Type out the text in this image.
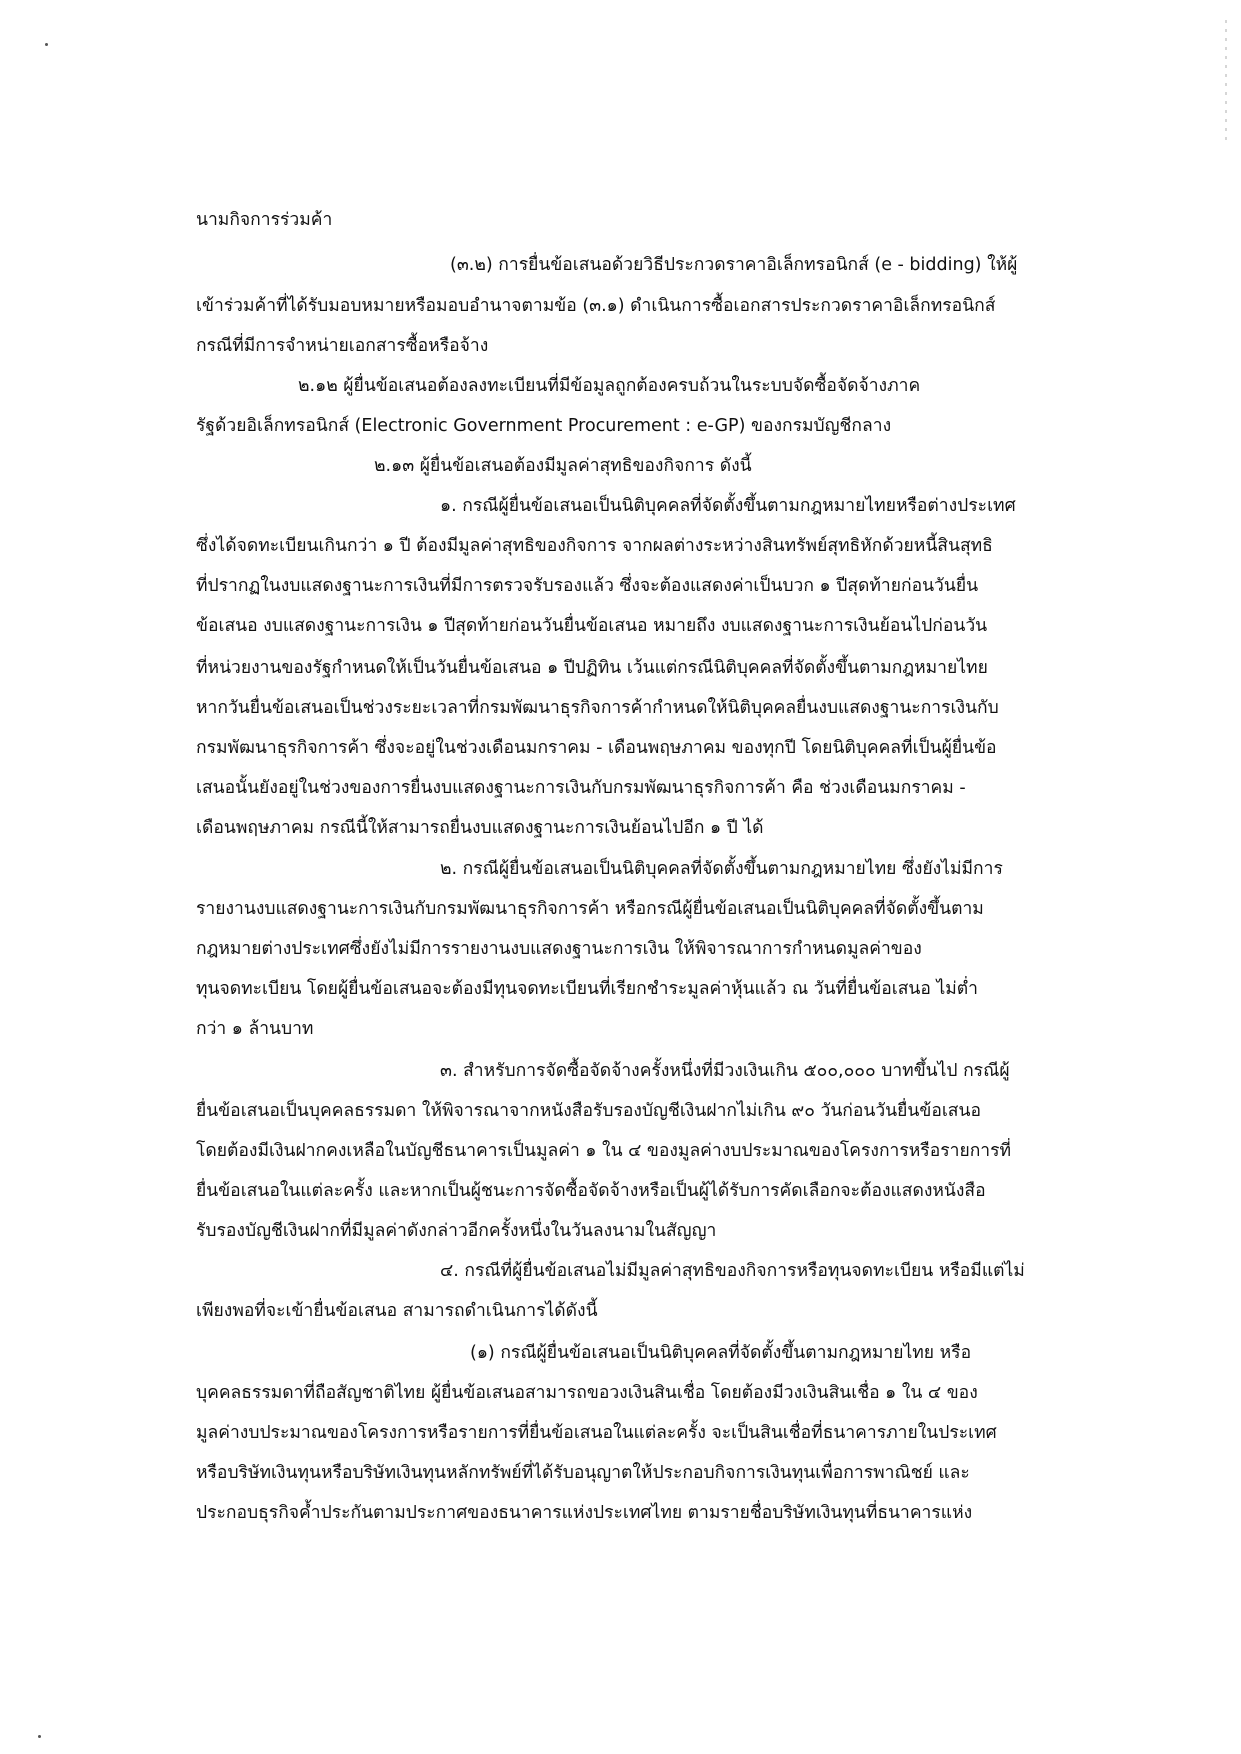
นามกิจการร่วมค้า
(๓.๒) การยื่นข้อเสนอด้วยวิธีประกวดราคาอิเล็กทรอนิกส์ (e - bidding) ให้ผู้
เข้าร่วมค้าที่ได้รับมอบหมายหรือมอบอำนาจตามข้อ (๓.๑) ดำเนินการซื้อเอกสารประกวดราคาอิเล็กทรอนิกส์
กรณีที่มีการจำหน่ายเอกสารซื้อหรือจ้าง
๒.๑๒ ผู้ยื่นข้อเสนอต้องลงทะเบียนที่มีข้อมูลถูกต้องครบถ้วนในระบบจัดซื้อจัดจ้างภาค
รัฐด้วยอิเล็กทรอนิกส์ (Electronic Government Procurement : e-GP) ของกรมบัญชีกลาง
๒.๑๓ ผู้ยื่นข้อเสนอต้องมีมูลค่าสุทธิของกิจการ ดังนี้
๑. กรณีผู้ยื่นข้อเสนอเป็นนิติบุคคลที่จัดตั้งขึ้นตามกฎหมายไทยหรือต่างประเทศ
ซึ่งได้จดทะเบียนเกินกว่า ๑ ปี ต้องมีมูลค่าสุทธิของกิจการ จากผลต่างระหว่างสินทรัพย์สุทธิหักด้วยหนี้สินสุทธิ
ที่ปรากฏในงบแสดงฐานะการเงินที่มีการตรวจรับรองแล้ว ซึ่งจะต้องแสดงค่าเป็นบวก ๑ ปีสุดท้ายก่อนวันยื่น
ข้อเสนอ งบแสดงฐานะการเงิน ๑ ปีสุดท้ายก่อนวันยื่นข้อเสนอ หมายถึง งบแสดงฐานะการเงินย้อนไปก่อนวัน
ที่หน่วยงานของรัฐกำหนดให้เป็นวันยื่นข้อเสนอ ๑ ปีปฏิทิน เว้นแต่กรณีนิติบุคคลที่จัดตั้งขึ้นตามกฎหมายไทย
หากวันยื่นข้อเสนอเป็นช่วงระยะเวลาที่กรมพัฒนาธุรกิจการค้ากำหนดให้นิติบุคคลยื่นงบแสดงฐานะการเงินกับ
กรมพัฒนาธุรกิจการค้า ซึ่งจะอยู่ในช่วงเดือนมกราคม - เดือนพฤษภาคม ของทุกปี โดยนิติบุคคลที่เป็นผู้ยื่นข้อ
เสนอนั้นยังอยู่ในช่วงของการยื่นงบแสดงฐานะการเงินกับกรมพัฒนาธุรกิจการค้า คือ ช่วงเดือนมกราคม -
เดือนพฤษภาคม กรณีนี้ให้สามารถยื่นงบแสดงฐานะการเงินย้อนไปอีก ๑ ปี ได้
๒. กรณีผู้ยื่นข้อเสนอเป็นนิติบุคคลที่จัดตั้งขึ้นตามกฎหมายไทย ซึ่งยังไม่มีการ
รายงานงบแสดงฐานะการเงินกับกรมพัฒนาธุรกิจการค้า หรือกรณีผู้ยื่นข้อเสนอเป็นนิติบุคคลที่จัดตั้งขึ้นตาม
กฎหมายต่างประเทศซึ่งยังไม่มีการรายงานงบแสดงฐานะการเงิน ให้พิจารณาการกำหนดมูลค่าของ
ทุนจดทะเบียน โดยผู้ยื่นข้อเสนอจะต้องมีทุนจดทะเบียนที่เรียกชำระมูลค่าหุ้นแล้ว ณ วันที่ยื่นข้อเสนอ ไม่ต่ำ
กว่า ๑ ล้านบาท
๓. สำหรับการจัดซื้อจัดจ้างครั้งหนึ่งที่มีวงเงินเกิน ๕๐๐,๐๐๐ บาทขึ้นไป กรณีผู้
ยื่นข้อเสนอเป็นบุคคลธรรมดา ให้พิจารณาจากหนังสือรับรองบัญชีเงินฝากไม่เกิน ๙๐ วันก่อนวันยื่นข้อเสนอ
โดยต้องมีเงินฝากคงเหลือในบัญชีธนาคารเป็นมูลค่า ๑ ใน ๔ ของมูลค่างบประมาณของโครงการหรือรายการที่
ยื่นข้อเสนอในแต่ละครั้ง และหากเป็นผู้ชนะการจัดซื้อจัดจ้างหรือเป็นผู้ได้รับการคัดเลือกจะต้องแสดงหนังสือ
รับรองบัญชีเงินฝากที่มีมูลค่าดังกล่าวอีกครั้งหนึ่งในวันลงนามในสัญญา
๔. กรณีที่ผู้ยื่นข้อเสนอไม่มีมูลค่าสุทธิของกิจการหรือทุนจดทะเบียน หรือมีแต่ไม่
เพียงพอที่จะเข้ายื่นข้อเสนอ สามารถดำเนินการได้ดังนี้
(๑) กรณีผู้ยื่นข้อเสนอเป็นนิติบุคคลที่จัดตั้งขึ้นตามกฎหมายไทย หรือ
บุคคลธรรมดาที่ถือสัญชาติไทย ผู้ยื่นข้อเสนอสามารถขอวงเงินสินเชื่อ โดยต้องมีวงเงินสินเชื่อ ๑ ใน ๔ ของ
มูลค่างบประมาณของโครงการหรือรายการที่ยื่นข้อเสนอในแต่ละครั้ง จะเป็นสินเชื่อที่ธนาคารภายในประเทศ
หรือบริษัทเงินทุนหรือบริษัทเงินทุนหลักทรัพย์ที่ได้รับอนุญาตให้ประกอบกิจการเงินทุนเพื่อการพาณิชย์ และ
ประกอบธุรกิจค้ำประกันตามประกาศของธนาคารแห่งประเทศไทย ตามรายชื่อบริษัทเงินทุนที่ธนาคารแห่ง
